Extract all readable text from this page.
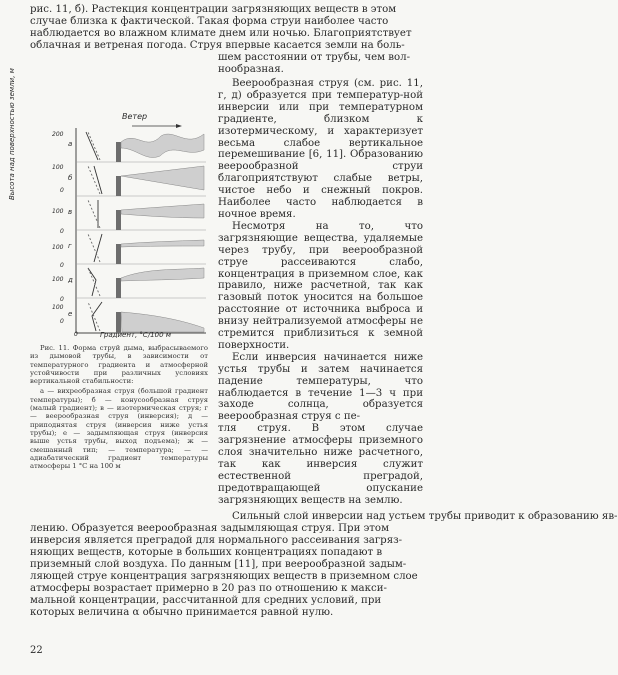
рис. 11, б). Растекция концентрации загрязняющих веществ в этом
случае близка к фактической. Такая форма струи наиболее часто
наблюдается во влажном климате днем или ночью. Благоприятствует
облачная и ветреная погода. Струя впервые касается земли на боль-
шем расстоянии от трубы, чем вол-
нообразная.
Ветер
Высота над поверхностью земли, м
Градиент, °С/100 м
200
100
0
100
0
100
0
100
0
100
0
а
б
в
г
д
е
0

Рис. 11. Форма струй дыма, выбрасываемого из дымовой трубы, в зависимости от температурного градиента и атмосферной устойчивости при различных условиях вертикальной стабильности:

а — вихреобразная струя (большой градиент температуры); б — конусообразная струя (малый градиент); в — изотермическая струя; г — веерообразная струя (инверсия); д — приподнятая струя (инверсия ниже устья трубы); е — задымляющая струя (инверсия выше устья трубы, выход подъема); ж — смешанный тип; — температура; — — адиабатический градиент температуры атмосферы 1 °С на 100 м

Веерообразная струя (см. рис. 11, г, д) образуется при температур-ной инверсии или при температурном градиенте, близком к изотермическому, и характеризует весьма слабое вертикальное перемешивание [6, 11]. Образованию веерообразной струи благоприятствуют слабые ветры, чистое небо и снежный покров. Наиболее часто наблюдается в ночное время.

Несмотря на то, что загрязняющие вещества, удаляемые через трубу, при веерообразной струе рассеиваются слабо, концентрация в приземном слое, как правило, ниже расчетной, так как газовый поток уносится на большое расстояние от источника выброса и внизу нейтрализуемой атмосферы не стремится приблизиться к земной поверхности.

Если инверсия начинается ниже устья трубы и затем начинается падение температуры, что наблюдается в течение 1—3 ч при заходе солнца, образуется веерообразная струя с пе-

тля струя. В этом случае загрязнение атмосферы приземного слоя значительно ниже расчетного, так как инверсия служит естественной преградой, предотвращающей опускание загрязняющих веществ на землю.

Сильный слой инверсии над устьем трубы приводит к образованию яв-
лению. Образуется веерообразная задымляющая струя. При этом
инверсия является преградой для нормального рассеивания загряз-
няющих веществ, которые в больших концентрациях попадают в
приземный слой воздуха. По данным [11], при веерообразной задым-
ляющей струе концентрация загрязняющих веществ в приземном слое
атмосферы возрастает примерно в 20 раз по отношению к макси-
мальной концентрации, рассчитанной для средних условий, при
которых величина α обычно принимается равной нулю.
22
